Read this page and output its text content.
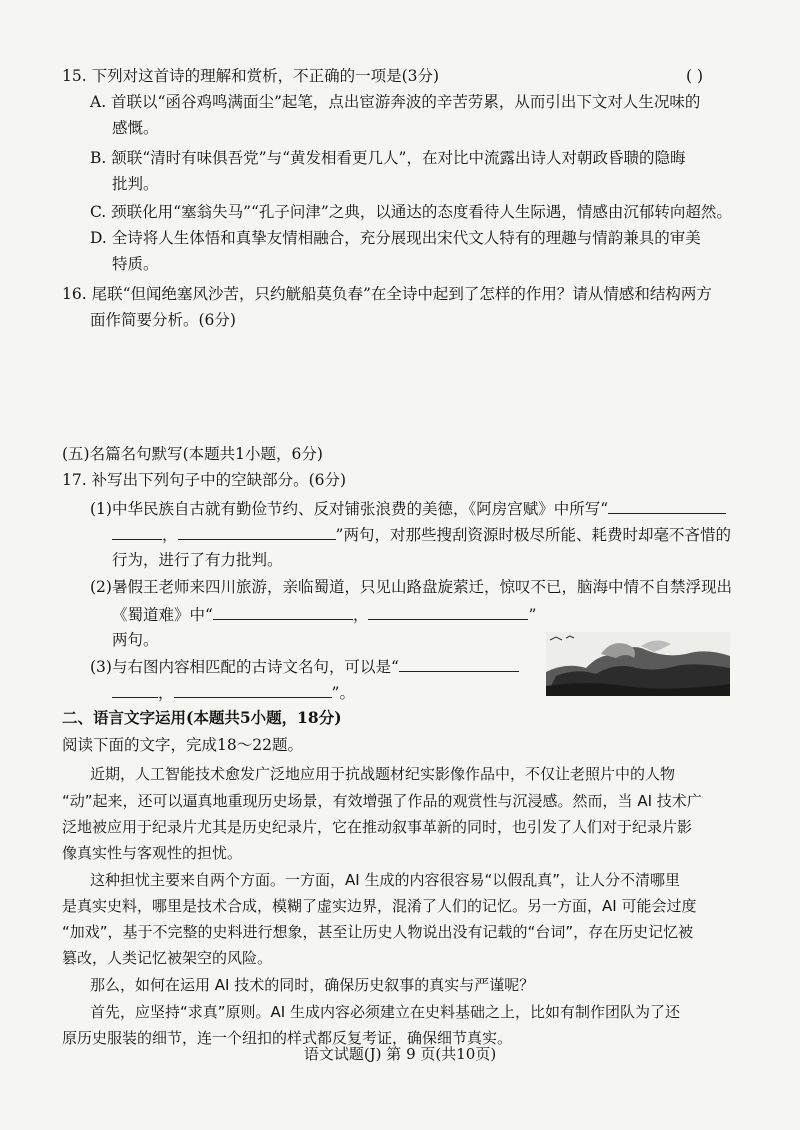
15. 下列对这首诗的理解和赏析，不正确的一项是(3分)	( )
A. 首联以“函谷鸡鸣满面尘”起笔，点出宦游奔波的辛苦劳累，从而引出下文对人生况味的
感慨。
B. 颔联“清时有味俱吾党”与“黄发相看更几人”，在对比中流露出诗人对朝政昏聩的隐晦
批判。
C. 颈联化用“塞翁失马”“孔子问津”之典，以通达的态度看待人生际遇，情感由沉郁转向超然。
D. 全诗将人生体悟和真挚友情相融合，充分展现出宋代文人特有的理趣与情韵兼具的审美
特质。
16. 尾联“但闻绝塞风沙苦，只约觥船莫负春”在全诗中起到了怎样的作用？请从情感和结构两方
面作简要分析。(6分)
(五)名篇名句默写(本题共1小题，6分)
17. 补写出下列句子中的空缺部分。(6分)
(1)中华民族自古就有勤俭节约、反对铺张浪费的美德，《阿房宫赋》中所写“
，	”两句，对那些搜刮资源时极尽所能、耗费时却毫不吝惜的
行为，进行了有力批判。
(2)暑假王老师来四川旅游，亲临蜀道，只见山路盘旋萦迁，惊叹不已，脑海中情不自禁浮现出
《蜀道难》中“	，	”
两句。
(3)与右图内容相匹配的古诗文名句，可以是“
，	”。
二、语言文字运用(本题共5小题，18分)
阅读下面的文字，完成18～22题。
近期，人工智能技术愈发广泛地应用于抗战题材纪实影像作品中，不仅让老照片中的人物
“动”起来，还可以逼真地重现历史场景，有效增强了作品的观赏性与沉浸感。然而，当 AI 技术广
泛地被应用于纪录片尤其是历史纪录片，它在推动叙事革新的同时，也引发了人们对于纪录片影
像真实性与客观性的担忧。
这种担忧主要来自两个方面。一方面，AI 生成的内容很容易“以假乱真”，让人分不清哪里
是真实史料，哪里是技术合成，模糊了虚实边界，混淆了人们的记忆。另一方面，AI 可能会过度
“加戏”，基于不完整的史料进行想象，甚至让历史人物说出没有记载的“台词”，存在历史记忆被
篡改，人类记忆被架空的风险。
那么，如何在运用 AI 技术的同时，确保历史叙事的真实与严谨呢？
首先，应坚持“求真”原则。AI 生成内容必须建立在史料基础之上，比如有制作团队为了还
原历史服装的细节，连一个纽扣的样式都反复考证，确保细节真实。
语文试题(J) 第 9 页(共10页)
